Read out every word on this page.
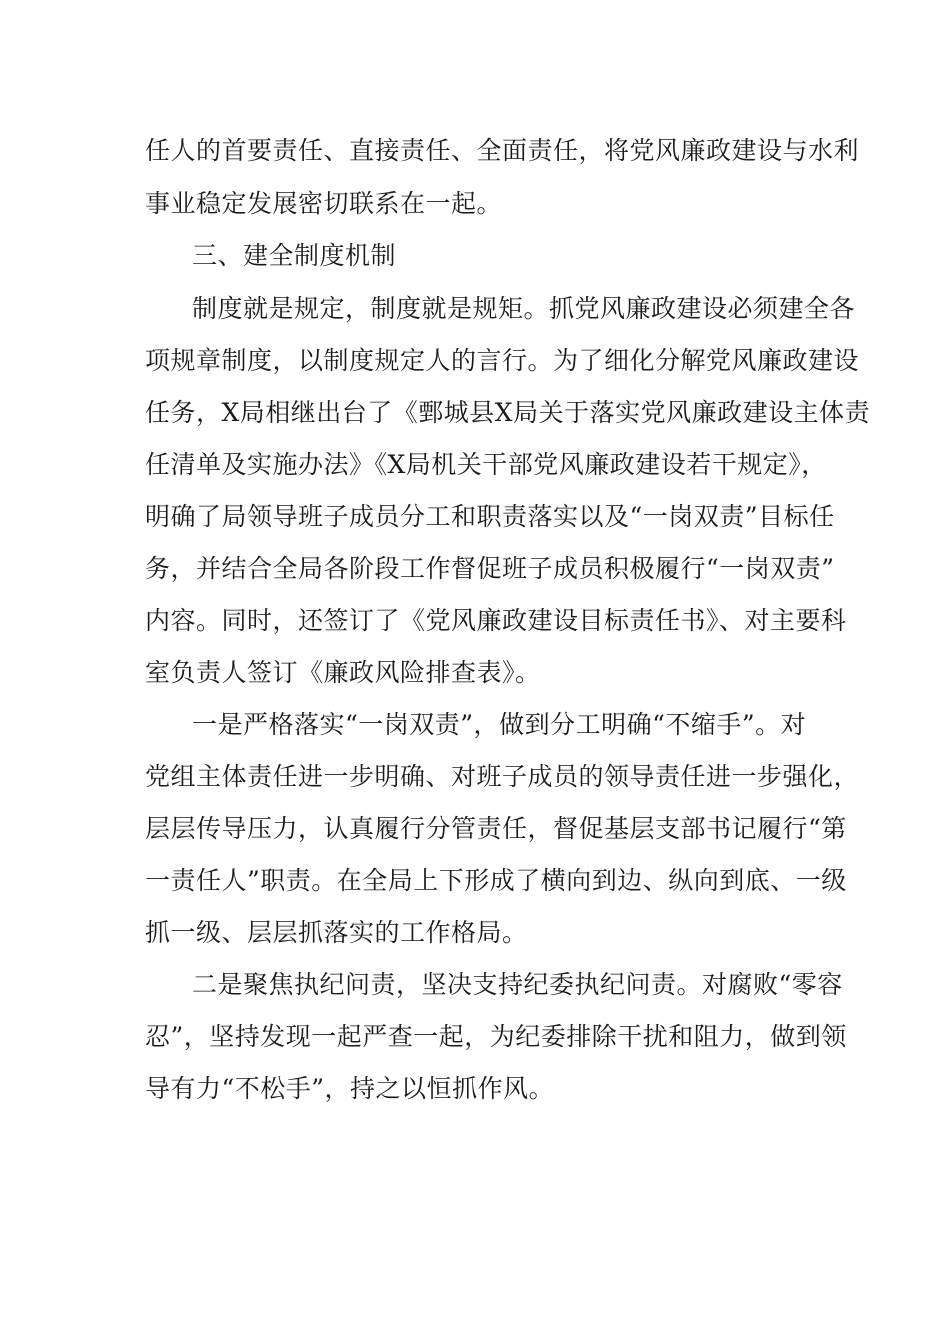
任人的首要责任、直接责任、全面责任，将党风廉政建设与水利
事业稳定发展密切联系在一起。
三、建全制度机制
制度就是规定，制度就是规矩。抓党风廉政建设必须建全各
项规章制度，以制度规定人的言行。为了细化分解党风廉政建设
任务，X局相继出台了《鄄城县X局关于落实党风廉政建设主体责
任清单及实施办法》《X局机关干部党风廉政建设若干规定》，
明确了局领导班子成员分工和职责落实以及“一岗双责”目标任
务，并结合全局各阶段工作督促班子成员积极履行“一岗双责”
内容。同时，还签订了《党风廉政建设目标责任书》、对主要科
室负责人签订《廉政风险排查表》。
一是严格落实“一岗双责”，做到分工明确“不缩手”。对
党组主体责任进一步明确、对班子成员的领导责任进一步强化，
层层传导压力，认真履行分管责任，督促基层支部书记履行“第
一责任人”职责。在全局上下形成了横向到边、纵向到底、一级
抓一级、层层抓落实的工作格局。
二是聚焦执纪问责，坚决支持纪委执纪问责。对腐败“零容
忍”，坚持发现一起严查一起，为纪委排除干扰和阻力，做到领
导有力“不松手”，持之以恒抓作风。
